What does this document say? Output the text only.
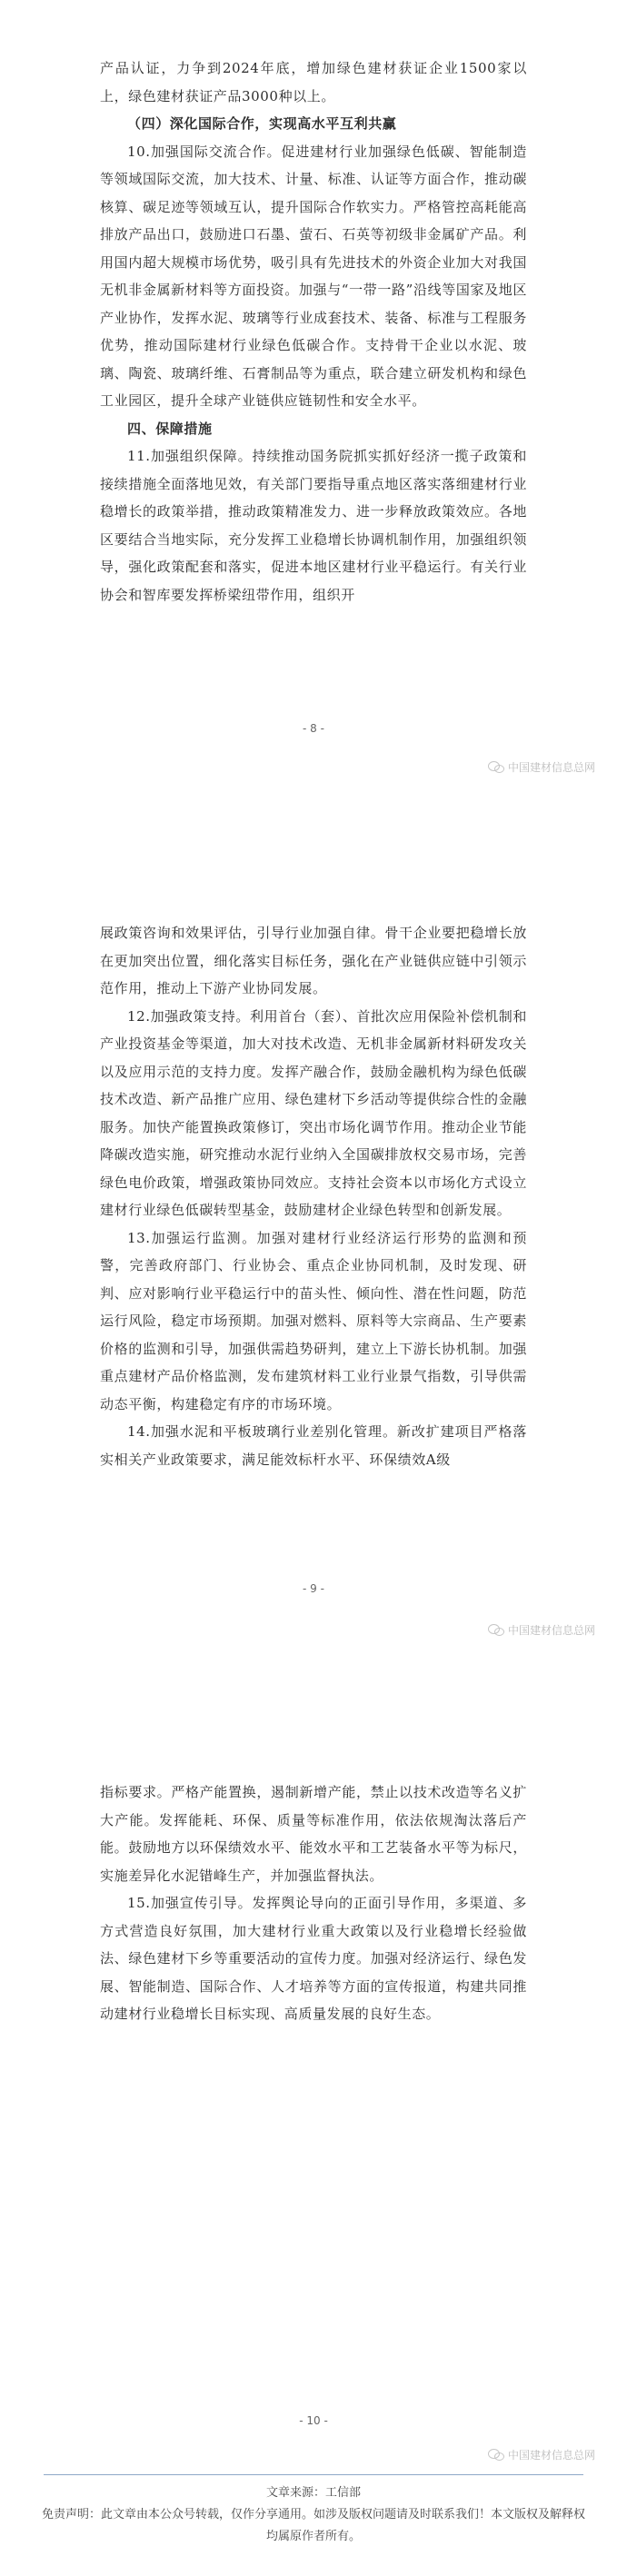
产品认证，力争到2024年底，增加绿色建材获证企业1500家以上，绿色建材获证产品3000种以上。

（四）深化国际合作，实现高水平互利共赢

10.加强国际交流合作。促进建材行业加强绿色低碳、智能制造等领域国际交流，加大技术、计量、标准、认证等方面合作，推动碳核算、碳足迹等领域互认，提升国际合作软实力。严格管控高耗能高排放产品出口，鼓励进口石墨、萤石、石英等初级非金属矿产品。利用国内超大规模市场优势，吸引具有先进技术的外资企业加大对我国无机非金属新材料等方面投资。加强与“一带一路”沿线等国家及地区产业协作，发挥水泥、玻璃等行业成套技术、装备、标准与工程服务优势，推动国际建材行业绿色低碳合作。支持骨干企业以水泥、玻璃、陶瓷、玻璃纤维、石膏制品等为重点，联合建立研发机构和绿色工业园区，提升全球产业链供应链韧性和安全水平。

四、保障措施

11.加强组织保障。持续推动国务院抓实抓好经济一揽子政策和接续措施全面落地见效，有关部门要指导重点地区落实落细建材行业稳增长的政策举措，推动政策精准发力、进一步释放政策效应。各地区要结合当地实际，充分发挥工业稳增长协调机制作用，加强组织领导，强化政策配套和落实，促进本地区建材行业平稳运行。有关行业协会和智库要发挥桥梁纽带作用，组织开

- 8 -
中国建材信息总网

展政策咨询和效果评估，引导行业加强自律。骨干企业要把稳增长放在更加突出位置，细化落实目标任务，强化在产业链供应链中引领示范作用，推动上下游产业协同发展。

12.加强政策支持。利用首台（套）、首批次应用保险补偿机制和产业投资基金等渠道，加大对技术改造、无机非金属新材料研发攻关以及应用示范的支持力度。发挥产融合作，鼓励金融机构为绿色低碳技术改造、新产品推广应用、绿色建材下乡活动等提供综合性的金融服务。加快产能置换政策修订，突出市场化调节作用。推动企业节能降碳改造实施，研究推动水泥行业纳入全国碳排放权交易市场，完善绿色电价政策，增强政策协同效应。支持社会资本以市场化方式设立建材行业绿色低碳转型基金，鼓励建材企业绿色转型和创新发展。

13.加强运行监测。加强对建材行业经济运行形势的监测和预警，完善政府部门、行业协会、重点企业协同机制，及时发现、研判、应对影响行业平稳运行中的苗头性、倾向性、潜在性问题，防范运行风险，稳定市场预期。加强对燃料、原料等大宗商品、生产要素价格的监测和引导，加强供需趋势研判，建立上下游长协机制。加强重点建材产品价格监测，发布建筑材料工业行业景气指数，引导供需动态平衡，构建稳定有序的市场环境。

14.加强水泥和平板玻璃行业差别化管理。新改扩建项目严格落实相关产业政策要求，满足能效标杆水平、环保绩效A级

- 9 -
中国建材信息总网

指标要求。严格产能置换，遏制新增产能，禁止以技术改造等名义扩大产能。发挥能耗、环保、质量等标准作用，依法依规淘汰落后产能。鼓励地方以环保绩效水平、能效水平和工艺装备水平等为标尺，实施差异化水泥错峰生产，并加强监督执法。

15.加强宣传引导。发挥舆论导向的正面引导作用，多渠道、多方式营造良好氛围，加大建材行业重大政策以及行业稳增长经验做法、绿色建材下乡等重要活动的宣传力度。加强对经济运行、绿色发展、智能制造、国际合作、人才培养等方面的宣传报道，构建共同推动建材行业稳增长目标实现、高质量发展的良好生态。

- 10 -
中国建材信息总网

文章来源：工信部

免责声明：此文章由本公众号转载，仅作分享通用。如涉及版权问题请及时联系我们！本文版权及解释权均属原作者所有。
